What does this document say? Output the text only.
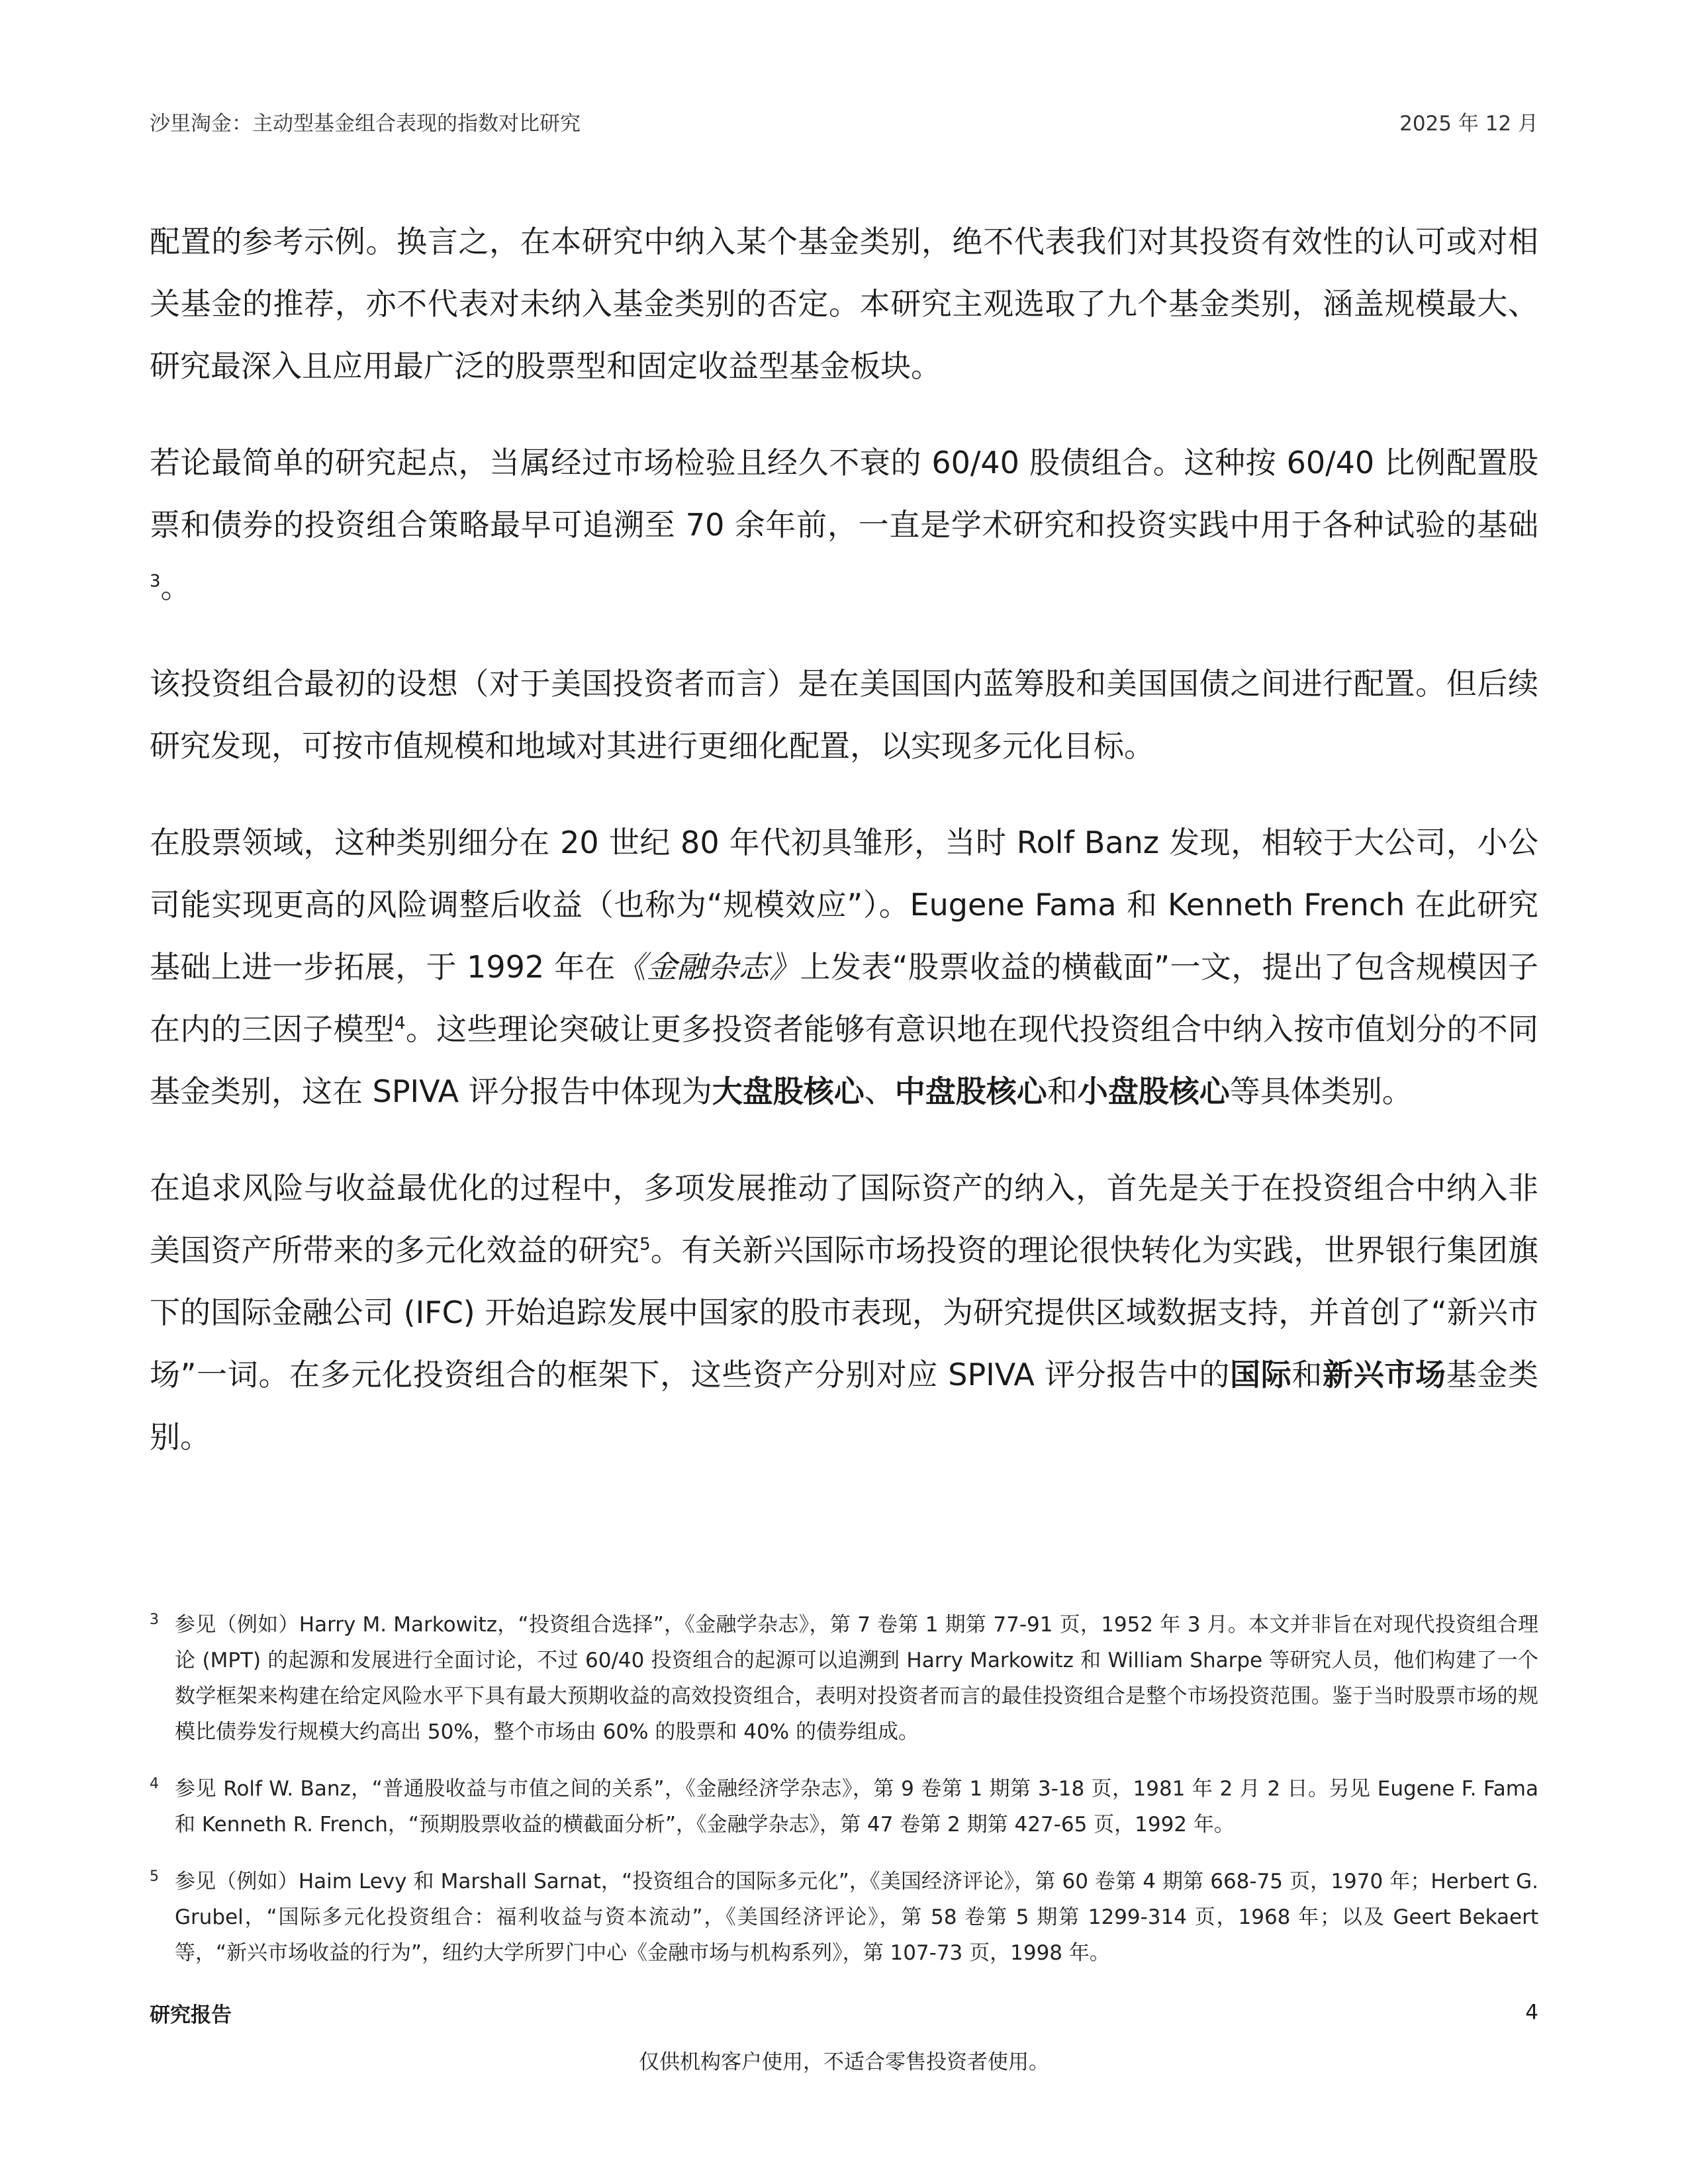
沙里淘金：主动型基金组合表现的指数对比研究	2025 年 12 月

配置的参考示例。换言之，在本研究中纳入某个基金类别，绝不代表我们对其投资有效性的认可或对相关基金的推荐，亦不代表对未纳入基金类别的否定。本研究主观选取了九个基金类别，涵盖规模最大、研究最深入且应用最广泛的股票型和固定收益型基金板块。

若论最简单的研究起点，当属经过市场检验且经久不衰的 60/40 股债组合。这种按 60/40 比例配置股票和债券的投资组合策略最早可追溯至 70 余年前，一直是学术研究和投资实践中用于各种试验的基础$^3$。

该投资组合最初的设想（对于美国投资者而言）是在美国国内蓝筹股和美国国债之间进行配置。但后续研究发现，可按市值规模和地域对其进行更细化配置，以实现多元化目标。

在股票领域，这种类别细分在 20 世纪 80 年代初具雏形，当时 Rolf Banz 发现，相较于大公司，小公司能实现更高的风险调整后收益（也称为“规模效应”）。Eugene Fama 和 Kenneth French 在此研究基础上进一步拓展，于 1992 年在《金融杂志》上发表“股票收益的横截面”一文，提出了包含规模因子在内的三因子模型$^4$。这些理论突破让更多投资者能够有意识地在现代投资组合中纳入按市值划分的不同基金类别，这在 SPIVA 评分报告中体现为大盘股核心、中盘股核心和小盘股核心等具体类别。

在追求风险与收益最优化的过程中，多项发展推动了国际资产的纳入，首先是关于在投资组合中纳入非美国资产所带来的多元化效益的研究$^5$。有关新兴国际市场投资的理论很快转化为实践，世界银行集团旗下的国际金融公司 (IFC) 开始追踪发展中国家的股市表现，为研究提供区域数据支持，并首创了“新兴市场”一词。在多元化投资组合的框架下，这些资产分别对应 SPIVA 评分报告中的国际和新兴市场基金类别。

3 参见（例如）Harry M. Markowitz，“投资组合选择”，《金融学杂志》，第 7 卷第 1 期第 77-91 页，1952 年 3 月。本文并非旨在对现代投资组合理论 (MPT) 的起源和发展进行全面讨论，不过 60/40 投资组合的起源可以追溯到 Harry Markowitz 和 William Sharpe 等研究人员，他们构建了一个数学框架来构建在给定风险水平下具有最大预期收益的高效投资组合，表明对投资者而言的最佳投资组合是整个市场投资范围。鉴于当时股票市场的规模比债券发行规模大约高出 50%，整个市场由 60% 的股票和 40% 的债券组成。
4 参见 Rolf W. Banz，“普通股收益与市值之间的关系”，《金融经济学杂志》，第 9 卷第 1 期第 3-18 页，1981 年 2 月 2 日。另见 Eugene F. Fama 和 Kenneth R. French，“预期股票收益的横截面分析”，《金融学杂志》，第 47 卷第 2 期第 427-65 页，1992 年。
5 参见（例如）Haim Levy 和 Marshall Sarnat，“投资组合的国际多元化”，《美国经济评论》，第 60 卷第 4 期第 668-75 页，1970 年；Herbert G. Grubel，“国际多元化投资组合：福利收益与资本流动”，《美国经济评论》，第 58 卷第 5 期第 1299-314 页，1968 年；以及 Geert Bekaert 等，“新兴市场收益的行为”，纽约大学所罗门中心《金融市场与机构系列》，第 107-73 页，1998 年。
研究报告	4
仅供机构客户使用，不适合零售投资者使用。
